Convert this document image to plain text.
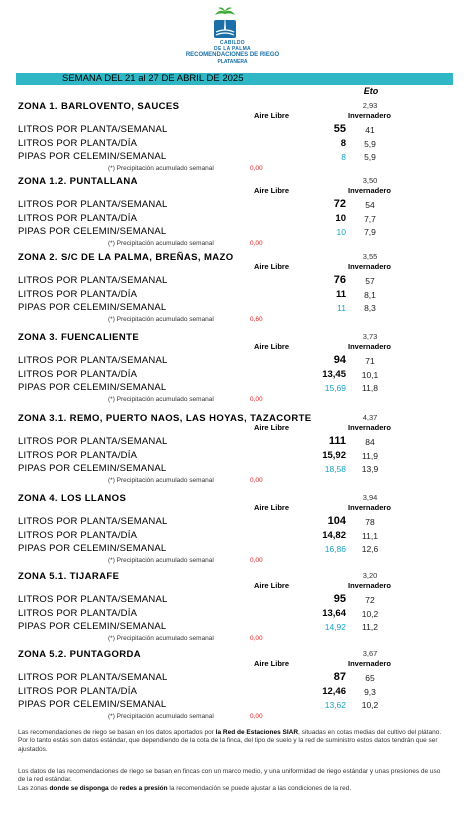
CABILDO
DE LA PALMA
RECOMENDACIONES DE RIEGO
PLATANERA
SEMANA DEL 21 al 27 DE ABRIL DE 2025
Eto
ZONA 1. BARLOVENTO, SAUCES	2,93
Aire Libre	Invernadero
LITROS POR PLANTA/SEMANAL	55	41
LITROS POR PLANTA/DÍA	8	5,9
PIPAS POR CELEMIN/SEMANAL	8	5,9
(*) Precipitación acumulado semanal	0,00
ZONA 1.2. PUNTALLANA	3,50
Aire Libre	Invernadero
LITROS POR PLANTA/SEMANAL	72	54
LITROS POR PLANTA/DÍA	10	7,7
PIPAS POR CELEMIN/SEMANAL	10	7,9
(*) Precipitación acumulado semanal	0,00
ZONA 2. S/C DE LA PALMA, BREÑAS, MAZO	3,55
Aire Libre	Invernadero
LITROS POR PLANTA/SEMANAL	76	57
LITROS POR PLANTA/DÍA	11	8,1
PIPAS POR CELEMIN/SEMANAL	11	8,3
(*) Precipitación acumulado semanal	0,60
ZONA 3. FUENCALIENTE	3,73
Aire Libre	Invernadero
LITROS POR PLANTA/SEMANAL	94	71
LITROS POR PLANTA/DÍA	13,45	10,1
PIPAS POR CELEMIN/SEMANAL	15,69	11,8
(*) Precipitación acumulado semanal	0,00
ZONA 3.1. REMO, PUERTO NAOS, LAS HOYAS, TAZACORTE	4,37
Aire Libre	Invernadero
LITROS POR PLANTA/SEMANAL	111	84
LITROS POR PLANTA/DÍA	15,92	11,9
PIPAS POR CELEMIN/SEMANAL	18,58	13,9
(*) Precipitación acumulado semanal	0,00
ZONA 4. LOS LLANOS	3,94
Aire Libre	Invernadero
LITROS POR PLANTA/SEMANAL	104	78
LITROS POR PLANTA/DÍA	14,82	11,1
PIPAS POR CELEMIN/SEMANAL	16,86	12,6
(*) Precipitación acumulado semanal	0,00
ZONA 5.1. TIJARAFE	3,20
Aire Libre	Invernadero
LITROS POR PLANTA/SEMANAL	95	72
LITROS POR PLANTA/DÍA	13,64	10,2
PIPAS POR CELEMIN/SEMANAL	14,92	11,2
(*) Precipitación acumulado semanal	0,00
ZONA 5.2. PUNTAGORDA	3,67
Aire Libre	Invernadero
LITROS POR PLANTA/SEMANAL	87	65
LITROS POR PLANTA/DÍA	12,46	9,3
PIPAS POR CELEMIN/SEMANAL	13,62	10,2
(*) Precipitación acumulado semanal	0,00
Las recomendaciones de riego se basan en los datos aportados por la Red de Estaciones SIAR, situadas en cotas medias del cultivo del plátano. Por lo tanto estás son datos estándar, que dependiendo de la cota de la finca, del tipo de suelo y la red de suministro estos datos tendrán que ser ajustados.
Los datos de las recomendaciones de riego se basan en fincas con un marco medio, y una uniformidad de riego estándar y unas presiones de uso de la red estándar.
Las zonas donde se disponga de redes a presión la recomendación se puede ajustar a las condiciones de la red.
